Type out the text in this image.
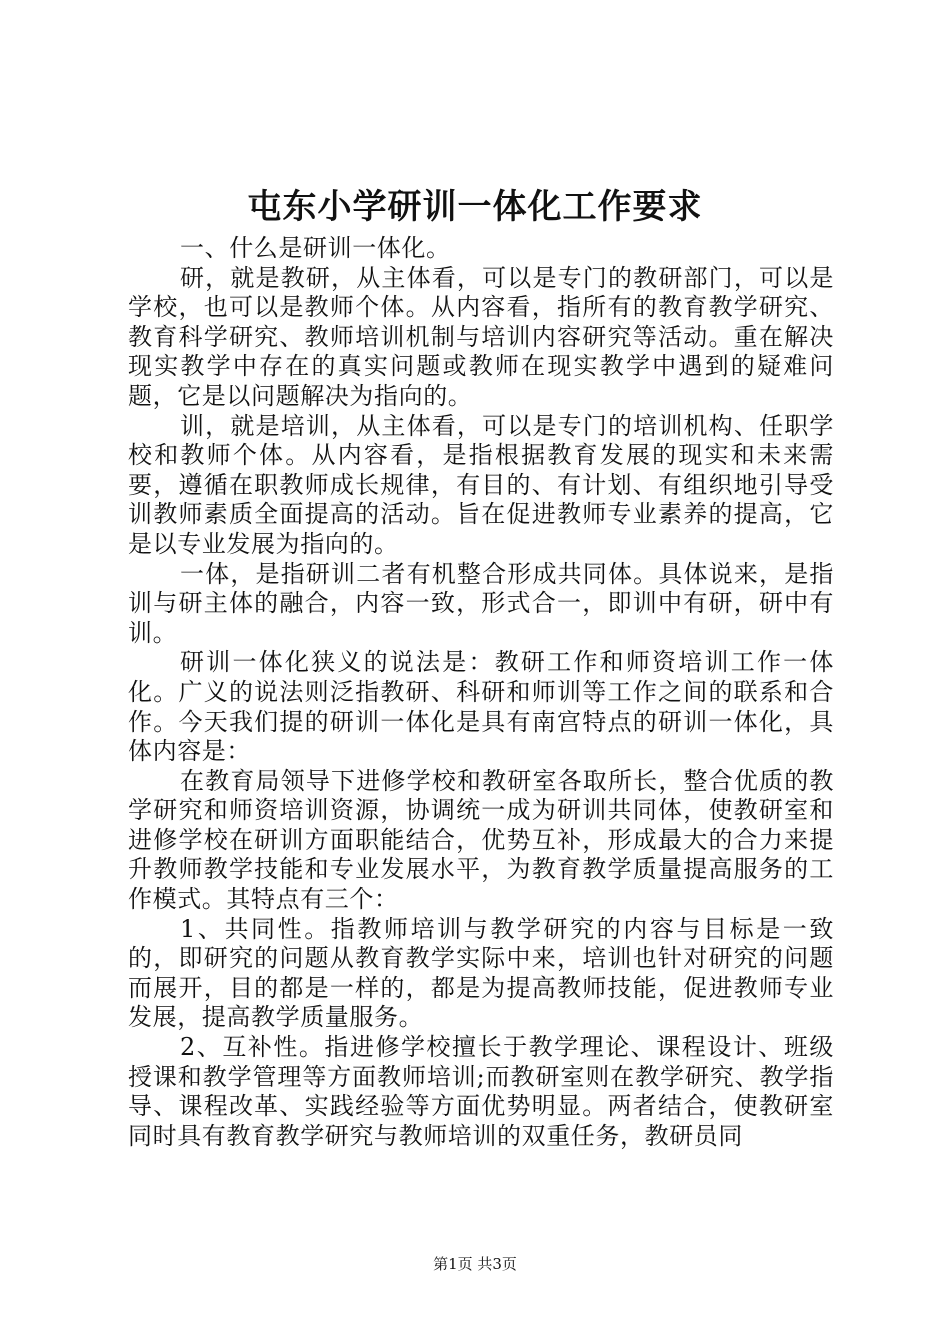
屯东小学研训一体化工作要求

一、什么是研训一体化。

研，就是教研，从主体看，可以是专门的教研部门，可以是学校，也可以是教师个体。从内容看，指所有的教育教学研究、教育科学研究、教师培训机制与培训内容研究等活动。重在解决现实教学中存在的真实问题或教师在现实教学中遇到的疑难问题，它是以问题解决为指向的。

训，就是培训，从主体看，可以是专门的培训机构、任职学校和教师个体。从内容看，是指根据教育发展的现实和未来需要，遵循在职教师成长规律，有目的、有计划、有组织地引导受训教师素质全面提高的活动。旨在促进教师专业素养的提高，它是以专业发展为指向的。

一体，是指研训二者有机整合形成共同体。具体说来，是指训与研主体的融合，内容一致，形式合一，即训中有研，研中有训。

研训一体化狭义的说法是：教研工作和师资培训工作一体化。广义的说法则泛指教研、科研和师训等工作之间的联系和合作。今天我们提的研训一体化是具有南宫特点的研训一体化，具体内容是：

在教育局领导下进修学校和教研室各取所长，整合优质的教学研究和师资培训资源，协调统一成为研训共同体，使教研室和进修学校在研训方面职能结合，优势互补，形成最大的合力来提升教师教学技能和专业发展水平，为教育教学质量提高服务的工作模式。其特点有三个：

1、共同性。指教师培训与教学研究的内容与目标是一致的，即研究的问题从教育教学实际中来，培训也针对研究的问题而展开，目的都是一样的，都是为提高教师技能，促进教师专业发展，提高教学质量服务。

2、互补性。指进修学校擅长于教学理论、课程设计、班级授课和教学管理等方面教师培训;而教研室则在教学研究、教学指导、课程改革、实践经验等方面优势明显。两者结合，使教研室同时具有教育教学研究与教师培训的双重任务，教研员同

第1页 共3页
